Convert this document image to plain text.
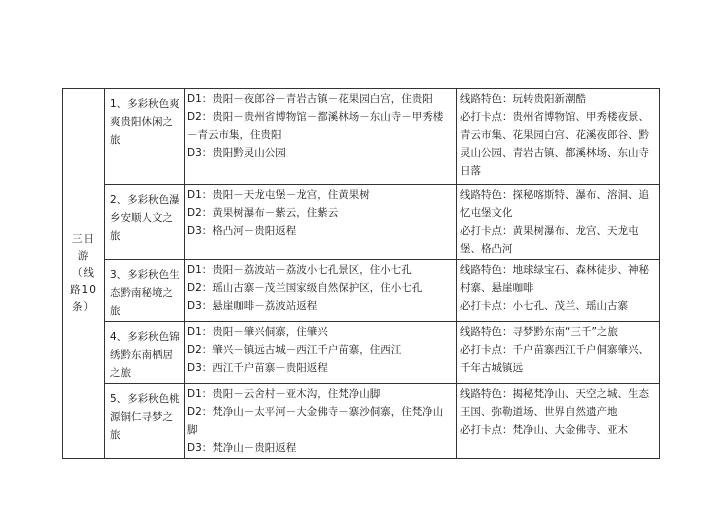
三日游（线路10条）	1、多彩秋色爽爽贵阳休闲之旅	D1：贵阳－夜郎谷－青岩古镇－花果园白宫，住贵阳
D2：贵阳－贵州省博物馆－都溪林场－东山寺－甲秀楼－青云市集，住贵阳
D3：贵阳黔灵山公园	线路特色：玩转贵阳新潮酷
必打卡点：贵州省博物馆、甲秀楼夜景、青云市集、花果园白宫、花溪夜郎谷、黔灵山公园、青岩古镇、都溪林场、东山寺日落

	2、多彩秋色瀑乡安顺人文之旅	D1：贵阳－天龙屯堡－龙宫，住黄果树
D2：黄果树瀑布－紫云，住紫云
D3：格凸河－贵阳返程	线路特色：探秘喀斯特、瀑布、溶洞、追忆屯堡文化
必打卡点：黄果树瀑布、龙宫、天龙屯堡、格凸河

	3、多彩秋色生态黔南秘境之旅	D1：贵阳－荔波站－荔波小七孔景区，住小七孔
D2：瑶山古寨－茂兰国家级自然保护区，住小七孔
D3：悬崖咖啡－荔波站返程	线路特色：地球绿宝石、森林徒步、神秘村寨、悬崖咖啡
必打卡点：小七孔、茂兰、瑶山古寨

	4、多彩秋色锦绣黔东南栖居之旅	D1：贵阳－肇兴侗寨，住肇兴
D2：肇兴－镇远古城－西江千户苗寨，住西江
D3：西江千户苗寨－贵阳返程	线路特色：寻梦黔东南“三千”之旅
必打卡点：千户苗寨西江千户侗寨肇兴、千年古城镇远

	5、多彩秋色桃源铜仁寻梦之旅	D1：贵阳－云舍村－亚木沟，住梵净山脚
D2：梵净山－太平河－大金佛寺－寨沙侗寨，住梵净山脚
D3：梵净山－贵阳返程	线路特色：揭秘梵净山、天空之城、生态王国、弥勒道场、世界自然遗产地
必打卡点：梵净山、大金佛寺、亚木
